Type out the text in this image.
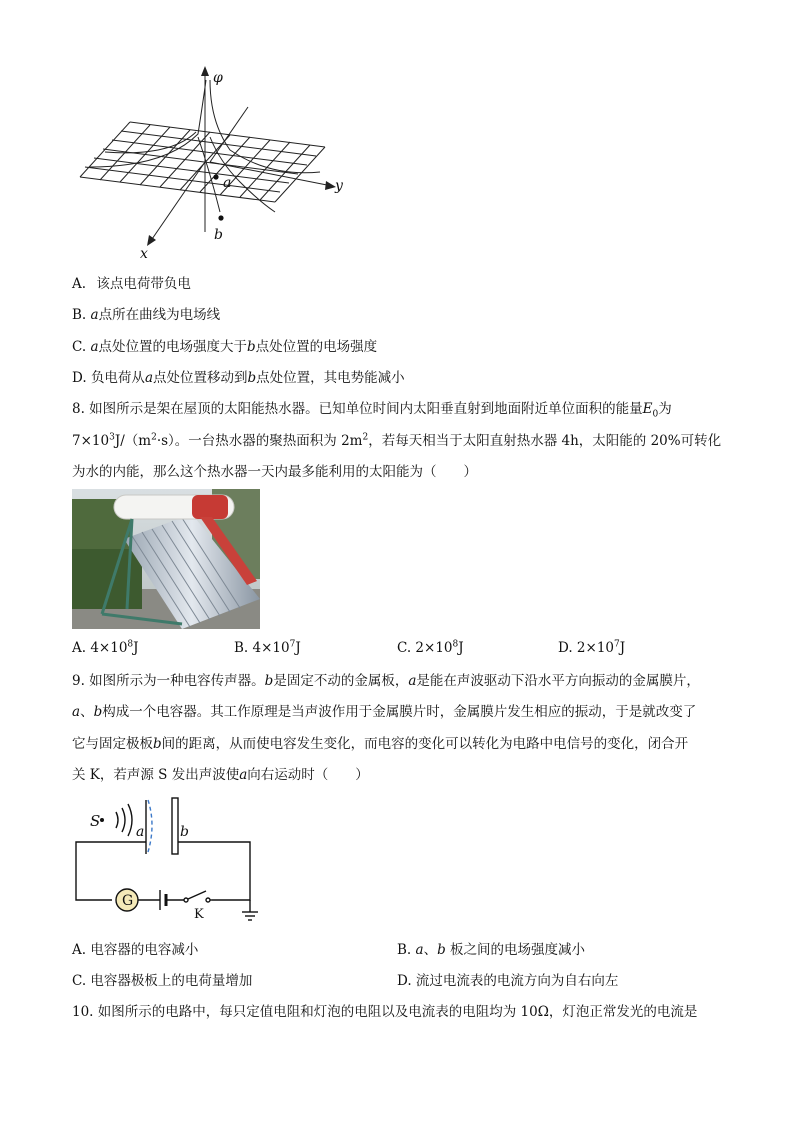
φ
y
x
a
b
A. 该点电荷带负电
B. a点所在曲线为电场线
C. a点处位置的电场强度大于b点处位置的电场强度
D. 负电荷从a点处位置移动到b点处位置，其电势能减小
8. 如图所示是架在屋顶的太阳能热水器。已知单位时间内太阳垂直射到地面附近单位面积的能量$E_0$为
$7\times 10^3J/(m^2\cdot s)$。一台热水器的聚热面积为 $2m^2$，若每天相当于太阳直射热水器 4h，太阳能的 20%可转化
为水的内能，那么这个热水器一天内最多能利用的太阳能为（　　）
A. $4\times 10^8J$	B. $4\times 10^7J$	C. $2\times 10^8J$	D. $2\times 10^7J$
9. 如图所示为一种电容传声器。b是固定不动的金属板，a是能在声波驱动下沿水平方向振动的金属膜片，
a、b构成一个电容器。其工作原理是当声波作用于金属膜片时，金属膜片发生相应的振动，于是就改变了
它与固定极板b间的距离，从而使电容发生变化，而电容的变化可以转化为电路中电信号的变化，闭合开
关 K，若声源 S 发出声波使a向右运动时（　　）
S
a	b
G
K
A. 电容器的电容减小	B. a、b 板之间的电场强度减小
C. 电容器极板上的电荷量增加	D. 流过电流表的电流方向为自右向左
10. 如图所示的电路中，每只定值电阻和灯泡的电阻以及电流表的电阻均为 10Ω，灯泡正常发光的电流是
